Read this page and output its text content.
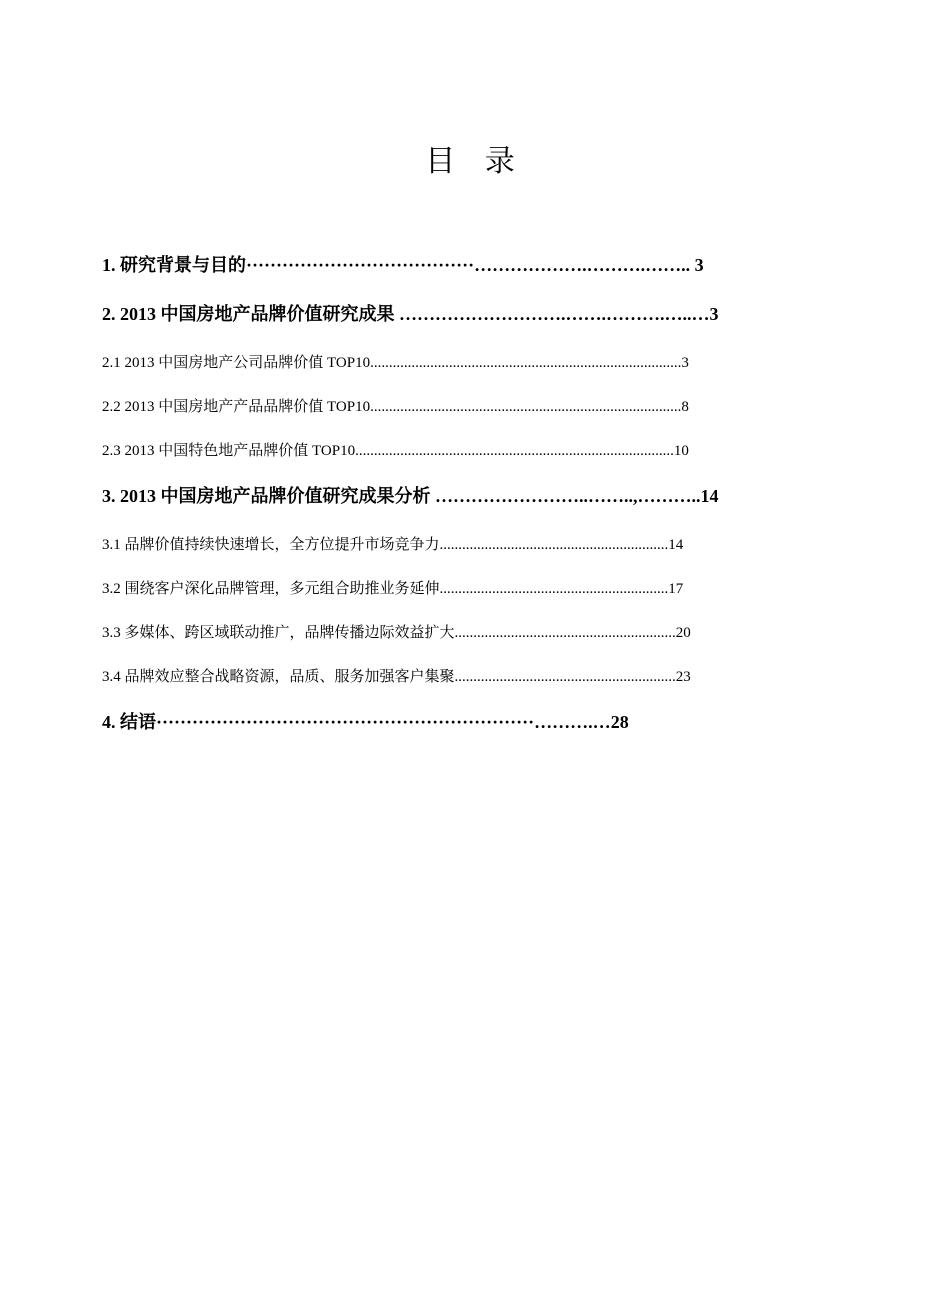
目 录
1. 研究背景与目的······································……………….……….…….. 3
2. 2013 中国房地产品牌价值研究成果 ……………………….…….……….…..…3
2.1 2013 中国房地产公司品牌价值 TOP10...................................................................................3
2.2 2013 中国房地产产品品牌价值 TOP10...................................................................................8
2.3 2013 中国特色地产品牌价值 TOP10.....................................................................................10
3. 2013 中国房地产品牌价值研究成果分析 ……………………..……..,………..14
3.1 品牌价值持续快速增长，全方位提升市场竞争力.............................................................14
3.2 围绕客户深化品牌管理，多元组合助推业务延伸.............................................................17
3.3 多媒体、跨区域联动推广，品牌传播边际效益扩大...........................................................20
3.4 品牌效应整合战略资源，品质、服务加强客户集聚...........................................................23
4. 结语·······························································……….…28
